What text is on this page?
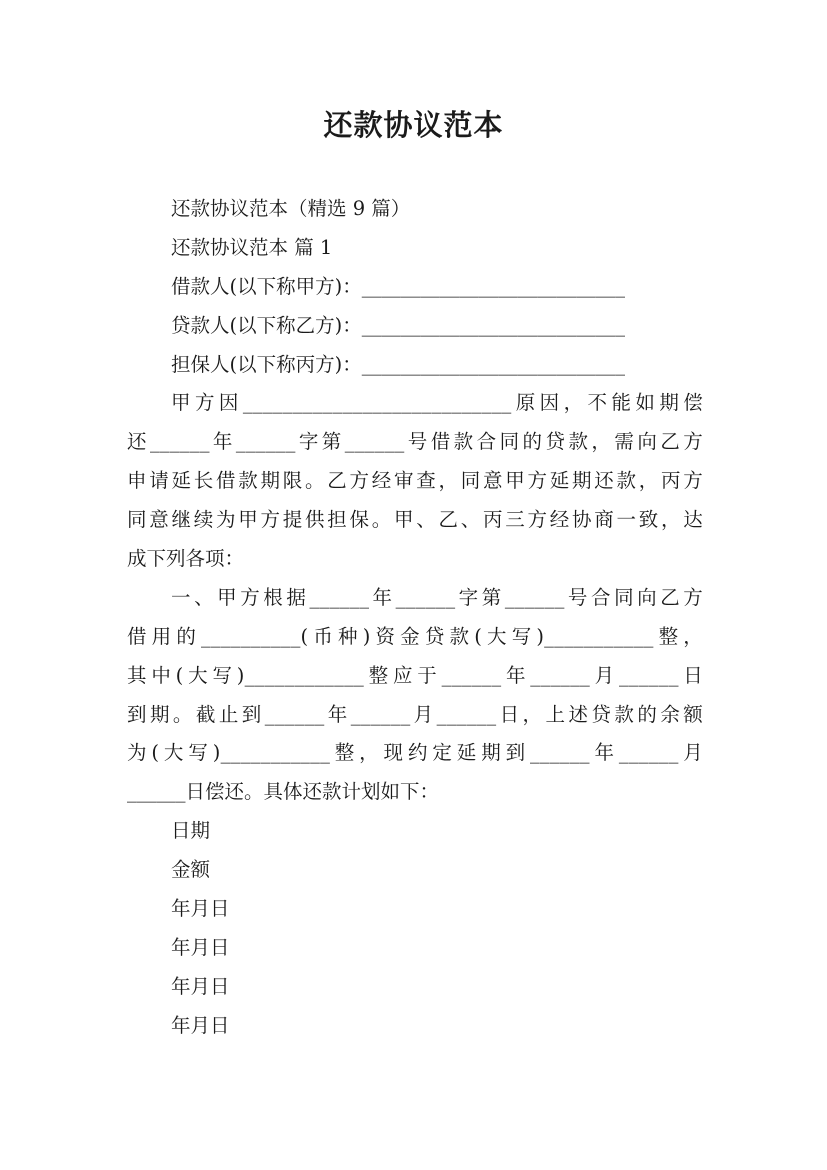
还款协议范本
还款协议范本（精选 9 篇）
还款协议范本 篇 1
借款人(以下称甲方)：___________________________
贷款人(以下称乙方)：___________________________
担保人(以下称丙方)：___________________________
甲方因___________________________原因，不能如期偿
还______年______字第______号借款合同的贷款，需向乙方
申请延长借款期限。乙方经审查，同意甲方延期还款，丙方
同意继续为甲方提供担保。甲、乙、丙三方经协商一致，达
成下列各项：
一、甲方根据______年______字第______号合同向乙方
借用的__________(币种)资金贷款(大写)___________整，
其中(大写)____________整应于______年______月______日
到期。截止到______年______月______日，上述贷款的余额
为(大写)___________整，现约定延期到______年______月
______日偿还。具体还款计划如下：
日期
金额
年月日
年月日
年月日
年月日
